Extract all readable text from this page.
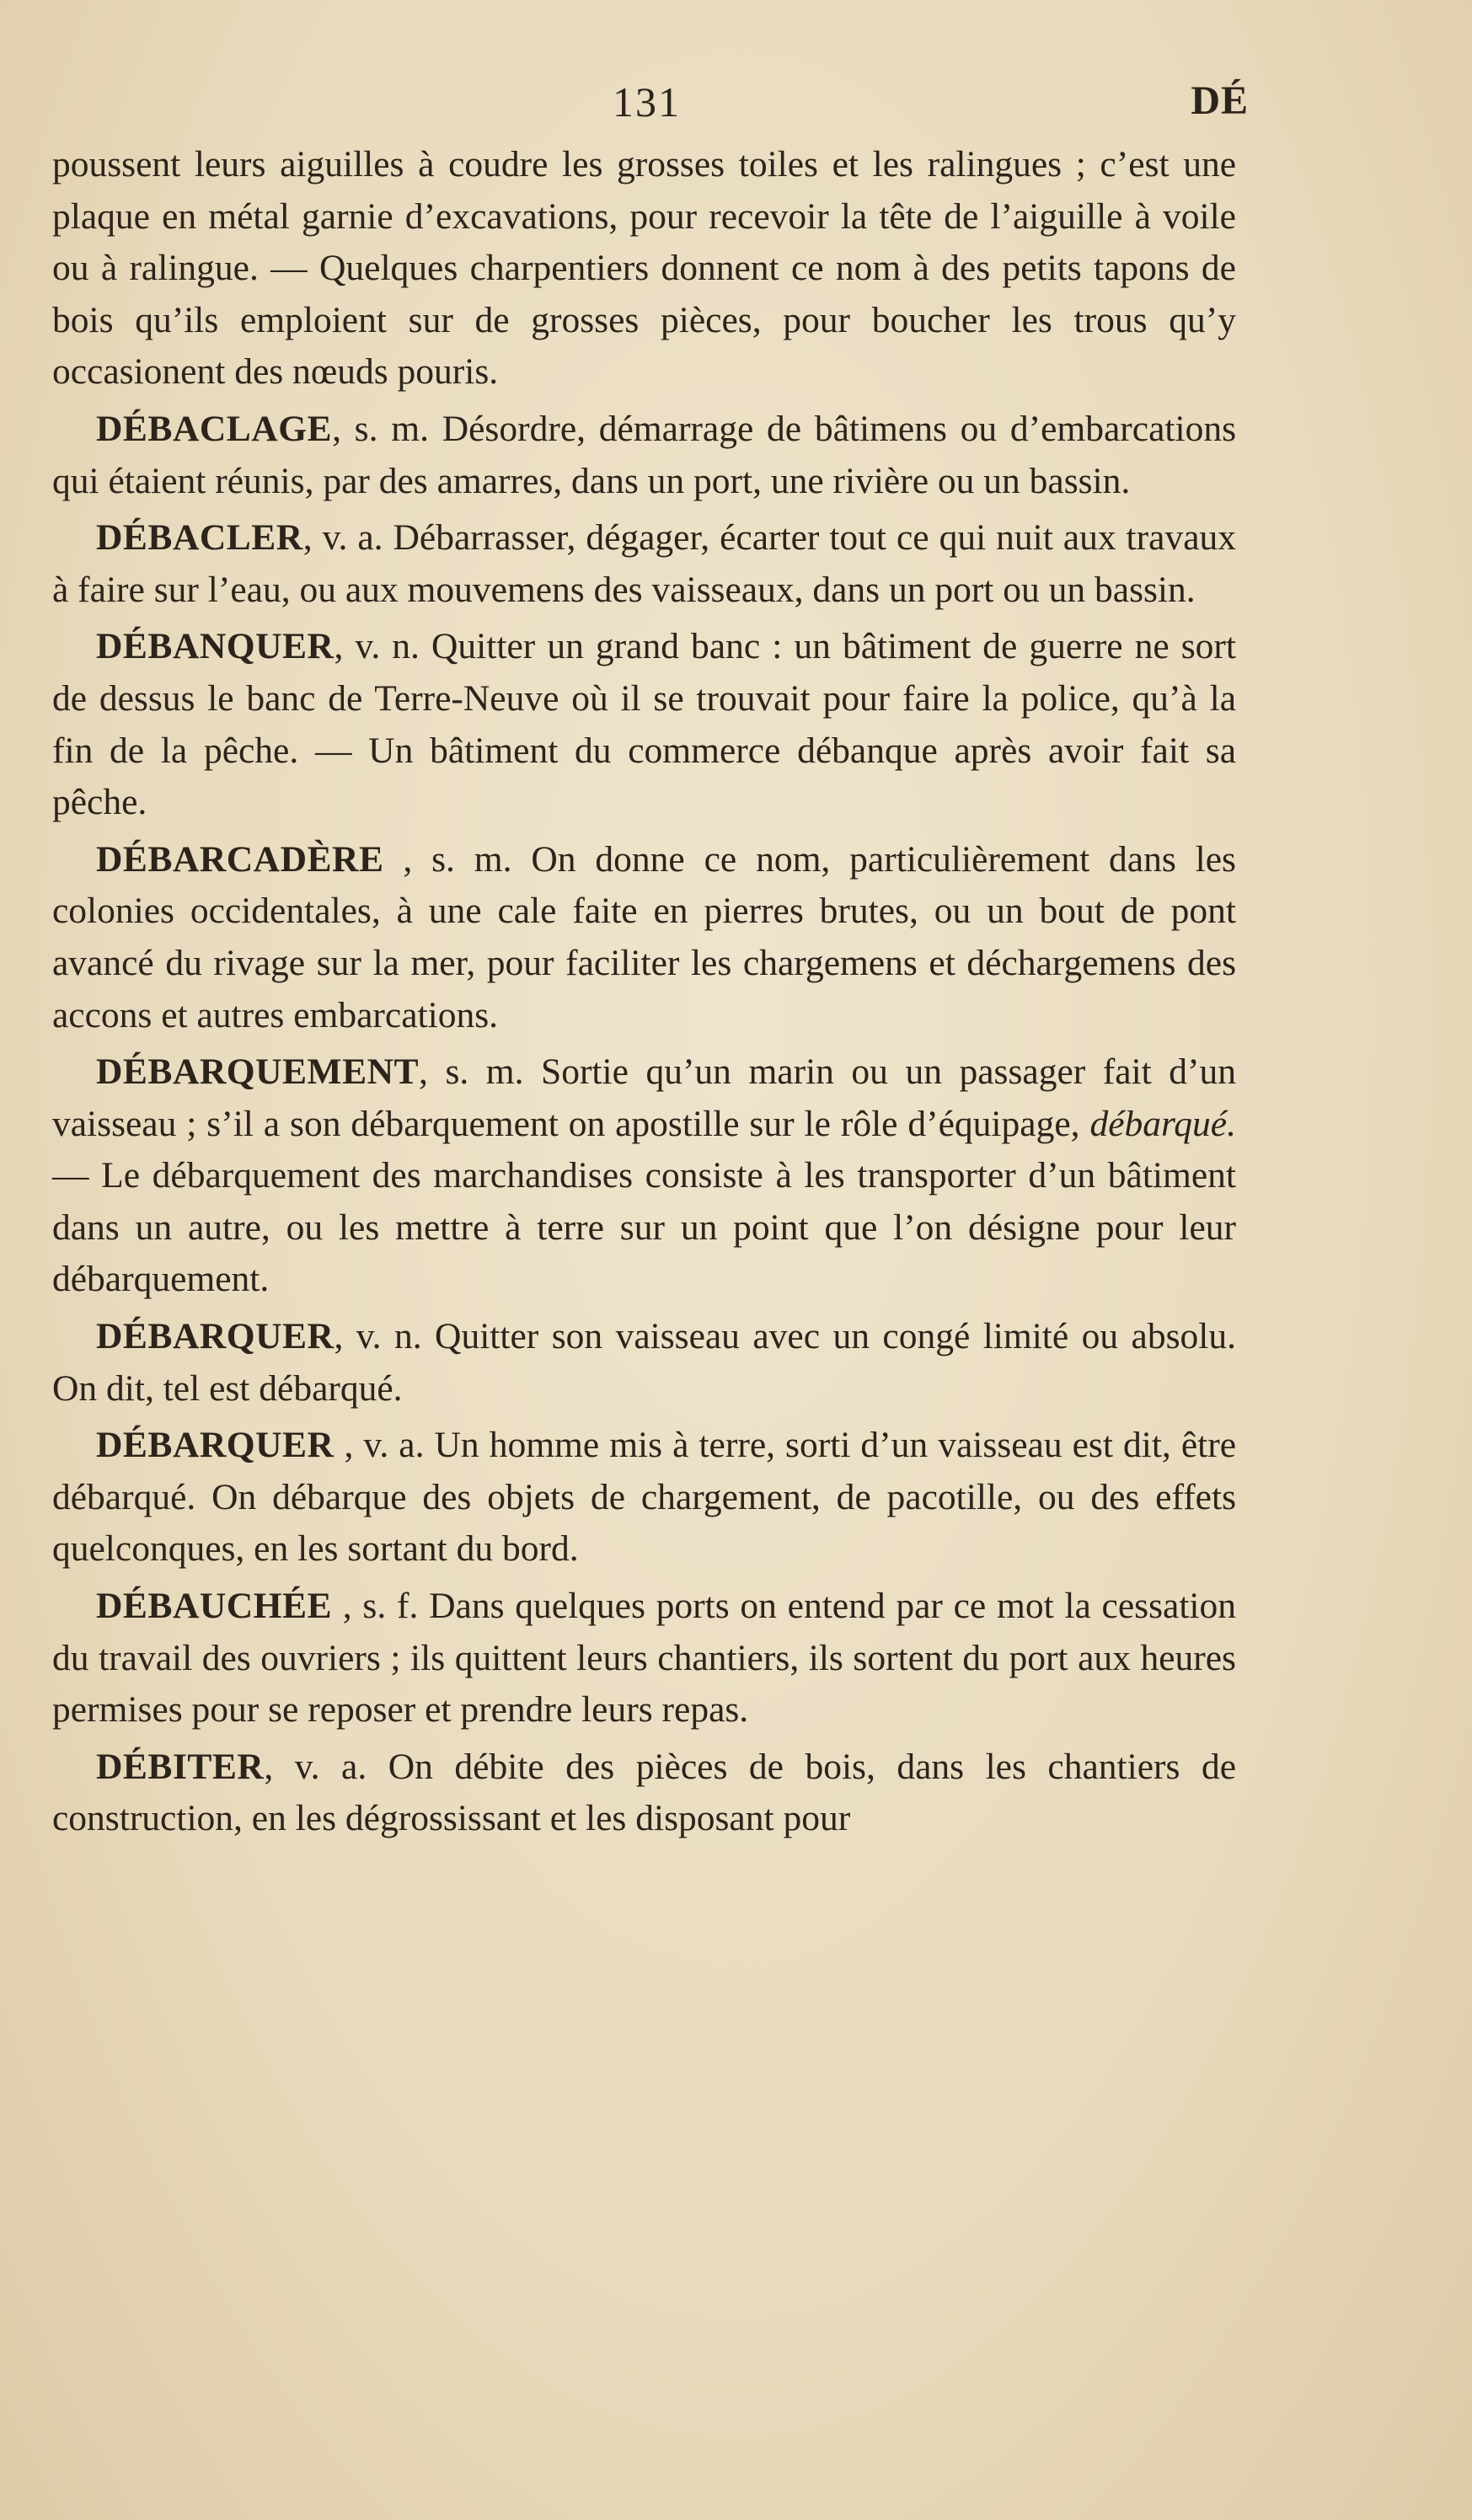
131	DÉ

poussent leurs aiguilles à coudre les grosses toiles et les ralingues ; c’est une plaque en métal garnie d’excavations, pour recevoir la tête de l’aiguille à voile ou à ralingue. — Quelques charpentiers donnent ce nom à des petits tapons de bois qu’ils emploient sur de grosses pièces, pour boucher les trous qu’y occasionent des nœuds pouris.

DÉBACLAGE, s. m. Désordre, démarrage de bâtimens ou d’embarcations qui étaient réunis, par des amarres, dans un port, une rivière ou un bassin.

DÉBACLER, v. a. Débarrasser, dégager, écarter tout ce qui nuit aux travaux à faire sur l’eau, ou aux mouvemens des vaisseaux, dans un port ou un bassin.

DÉBANQUER, v. n. Quitter un grand banc : un bâtiment de guerre ne sort de dessus le banc de Terre-Neuve où il se trouvait pour faire la police, qu’à la fin de la pêche. — Un bâtiment du commerce débanque après avoir fait sa pêche.

DÉBARCADÈRE , s. m. On donne ce nom, particulièrement dans les colonies occidentales, à une cale faite en pierres brutes, ou un bout de pont avancé du rivage sur la mer, pour faciliter les chargemens et déchargemens des accons et autres embarcations.

DÉBARQUEMENT, s. m. Sortie qu’un marin ou un passager fait d’un vaisseau ; s’il a son débarquement on apostille sur le rôle d’équipage, débarqué. — Le débarquement des marchandises consiste à les transporter d’un bâtiment dans un autre, ou les mettre à terre sur un point que l’on désigne pour leur débarquement.

DÉBARQUER, v. n. Quitter son vaisseau avec un congé limité ou absolu. On dit, tel est débarqué.

DÉBARQUER , v. a. Un homme mis à terre, sorti d’un vaisseau est dit, être débarqué. On débarque des objets de chargement, de pacotille, ou des effets quelconques, en les sortant du bord.

DÉBAUCHÉE , s. f. Dans quelques ports on entend par ce mot la cessation du travail des ouvriers ; ils quittent leurs chantiers, ils sortent du port aux heures permises pour se reposer et prendre leurs repas.

DÉBITER, v. a. On débite des pièces de bois, dans les chantiers de construction, en les dégrossissant et les disposant pour
